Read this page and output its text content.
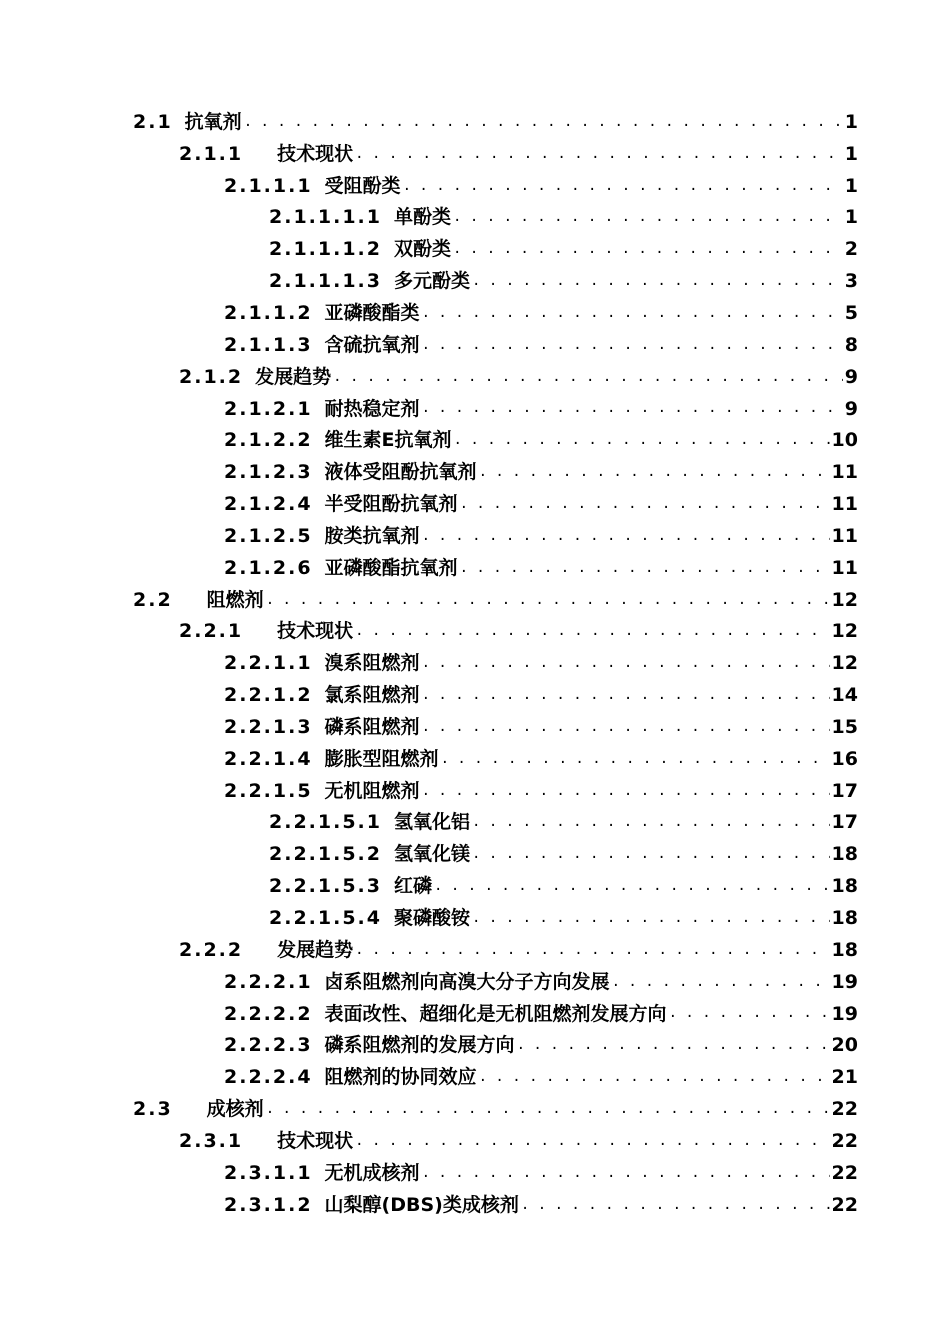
2.1 抗氧剂 . . .	1
2.1.1 技术现状 . . .	1
2.1.1.1 受阻酚类 . . .	1
2.1.1.1.1 单酚类 . . .	1
2.1.1.1.2 双酚类 . . .	2
2.1.1.1.3 多元酚类 . . .	3
2.1.1.2 亚磷酸酯类 . . .	5
2.1.1.3 含硫抗氧剂 . . .	8
2.1.2 发展趋势 . . .	9
2.1.2.1 耐热稳定剂 . . .	9
2.1.2.2 维生素E抗氧剂 . . .	10
2.1.2.3 液体受阻酚抗氧剂 . . .	11
2.1.2.4 半受阻酚抗氧剂 . . .	11
2.1.2.5 胺类抗氧剂 . . .	11
2.1.2.6 亚磷酸酯抗氧剂 . . .	11
2.2 阻燃剂 . . .	12
2.2.1 技术现状 . . .	12
2.2.1.1 溴系阻燃剂 . . .	12
2.2.1.2 氯系阻燃剂 . . .	14
2.2.1.3 磷系阻燃剂 . . .	15
2.2.1.4 膨胀型阻燃剂 . . .	16
2.2.1.5 无机阻燃剂 . . .	17
2.2.1.5.1 氢氧化铝 . . .	17
2.2.1.5.2 氢氧化镁 . . .	18
2.2.1.5.3 红磷 . . .	18
2.2.1.5.4 聚磷酸铵 . . .	18
2.2.2 发展趋势 . . .	18
2.2.2.1 卤系阻燃剂向高溴大分子方向发展 . . .	19
2.2.2.2 表面改性、超细化是无机阻燃剂发展方向 . . .	19
2.2.2.3 磷系阻燃剂的发展方向 . . .	20
2.2.2.4 阻燃剂的协同效应 . . .	21
2.3 成核剂 . . .	22
2.3.1 技术现状 . . .	22
2.3.1.1 无机成核剂 . . .	22
2.3.1.2 山梨醇(DBS)类成核剂 . . .	22
